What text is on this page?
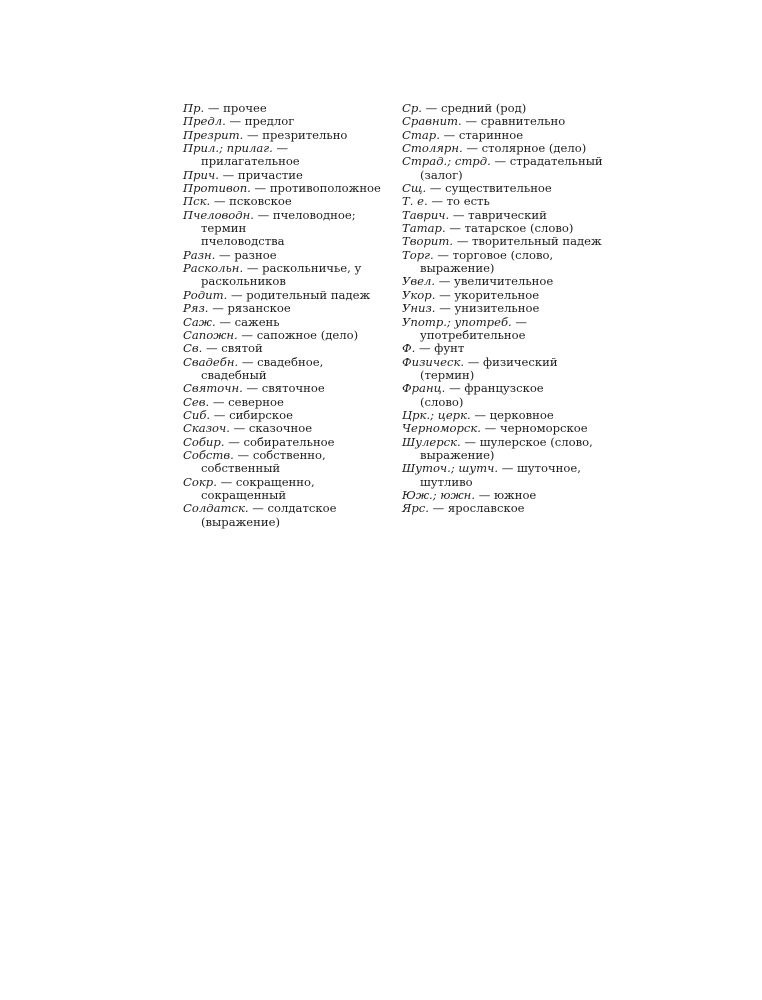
Пр. — прочее
Предл. — предлог
Презрит. — презрительно
Прил.; прилаг. —
прилагательное
Прич. — причастие
Противоп. — противоположное
Пск. — псковское
Пчеловодн. — пчеловодное;
термин
пчеловодства
Разн. — разное
Раскольн. — раскольничье, у
раскольников
Родит. — родительный падеж
Ряз. — рязанское
Саж. — сажень
Сапожн. — сапожное (дело)
Св. — святой
Свадебн. — свадебное,
свадебный
Святочн. — святочное
Сев. — северное
Сиб. — сибирское
Сказоч. — сказочное
Собир. — собирательное
Собств. — собственно,
собственный
Сокр. — сокращенно,
сокращенный
Солдатск. — солдатское
(выражение)
Ср. — средний (род)
Сравнит. — сравнительно
Стар. — старинное
Столярн. — столярное (дело)
Страд.; стрд. — страдательный
(залог)
Сщ. — существительное
Т. е. — то есть
Таврич. — таврический
Татар. — татарское (слово)
Творит. — творительный падеж
Торг. — торговое (слово,
выражение)
Увел. — увеличительное
Укор. — укорительное
Униз. — унизительное
Употр.; употреб. —
употребительное
Ф. — фунт
Физическ. — физический
(термин)
Франц. — французское
(слово)
Црк.; церк. — церковное
Черноморск. — черноморское
Шулерск. — шулерское (слово,
выражение)
Шуточ.; шутч. — шуточное,
шутливо
Юж.; южн. — южное
Ярс. — ярославское
